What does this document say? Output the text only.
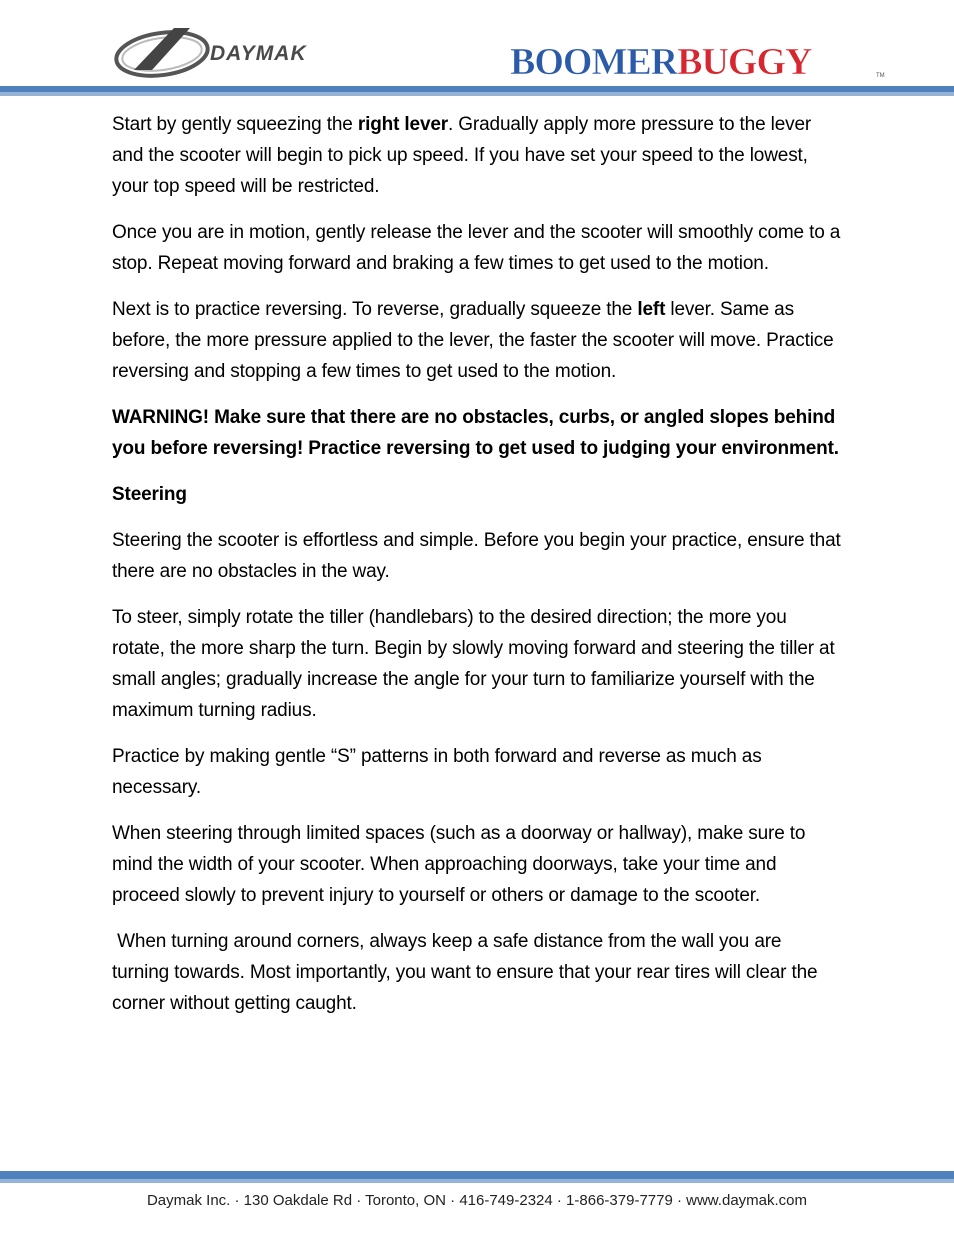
DAYMAK	BOOMERBUGGY	TM

Start by gently squeezing the right lever. Gradually apply more pressure to the lever and the scooter will begin to pick up speed. If you have set your speed to the lowest, your top speed will be restricted.

Once you are in motion, gently release the lever and the scooter will smoothly come to a stop. Repeat moving forward and braking a few times to get used to the motion.

Next is to practice reversing. To reverse, gradually squeeze the left lever. Same as before, the more pressure applied to the lever, the faster the scooter will move. Practice reversing and stopping a few times to get used to the motion.

WARNING! Make sure that there are no obstacles, curbs, or angled slopes behind you before reversing! Practice reversing to get used to judging your environment.

Steering

Steering the scooter is effortless and simple. Before you begin your practice, ensure that there are no obstacles in the way.

To steer, simply rotate the tiller (handlebars) to the desired direction; the more you rotate, the more sharp the turn. Begin by slowly moving forward and steering the tiller at small angles; gradually increase the angle for your turn to familiarize yourself with the maximum turning radius.

Practice by making gentle “S” patterns in both forward and reverse as much as necessary.

When steering through limited spaces (such as a doorway or hallway), make sure to mind the width of your scooter. When approaching doorways, take your time and proceed slowly to prevent injury to yourself or others or damage to the scooter.

When turning around corners, always keep a safe distance from the wall you are turning towards. Most importantly, you want to ensure that your rear tires will clear the corner without getting caught.

Daymak Inc. · 130 Oakdale Rd · Toronto, ON · 416-749-2324 · 1-866-379-7779 · www.daymak.com
